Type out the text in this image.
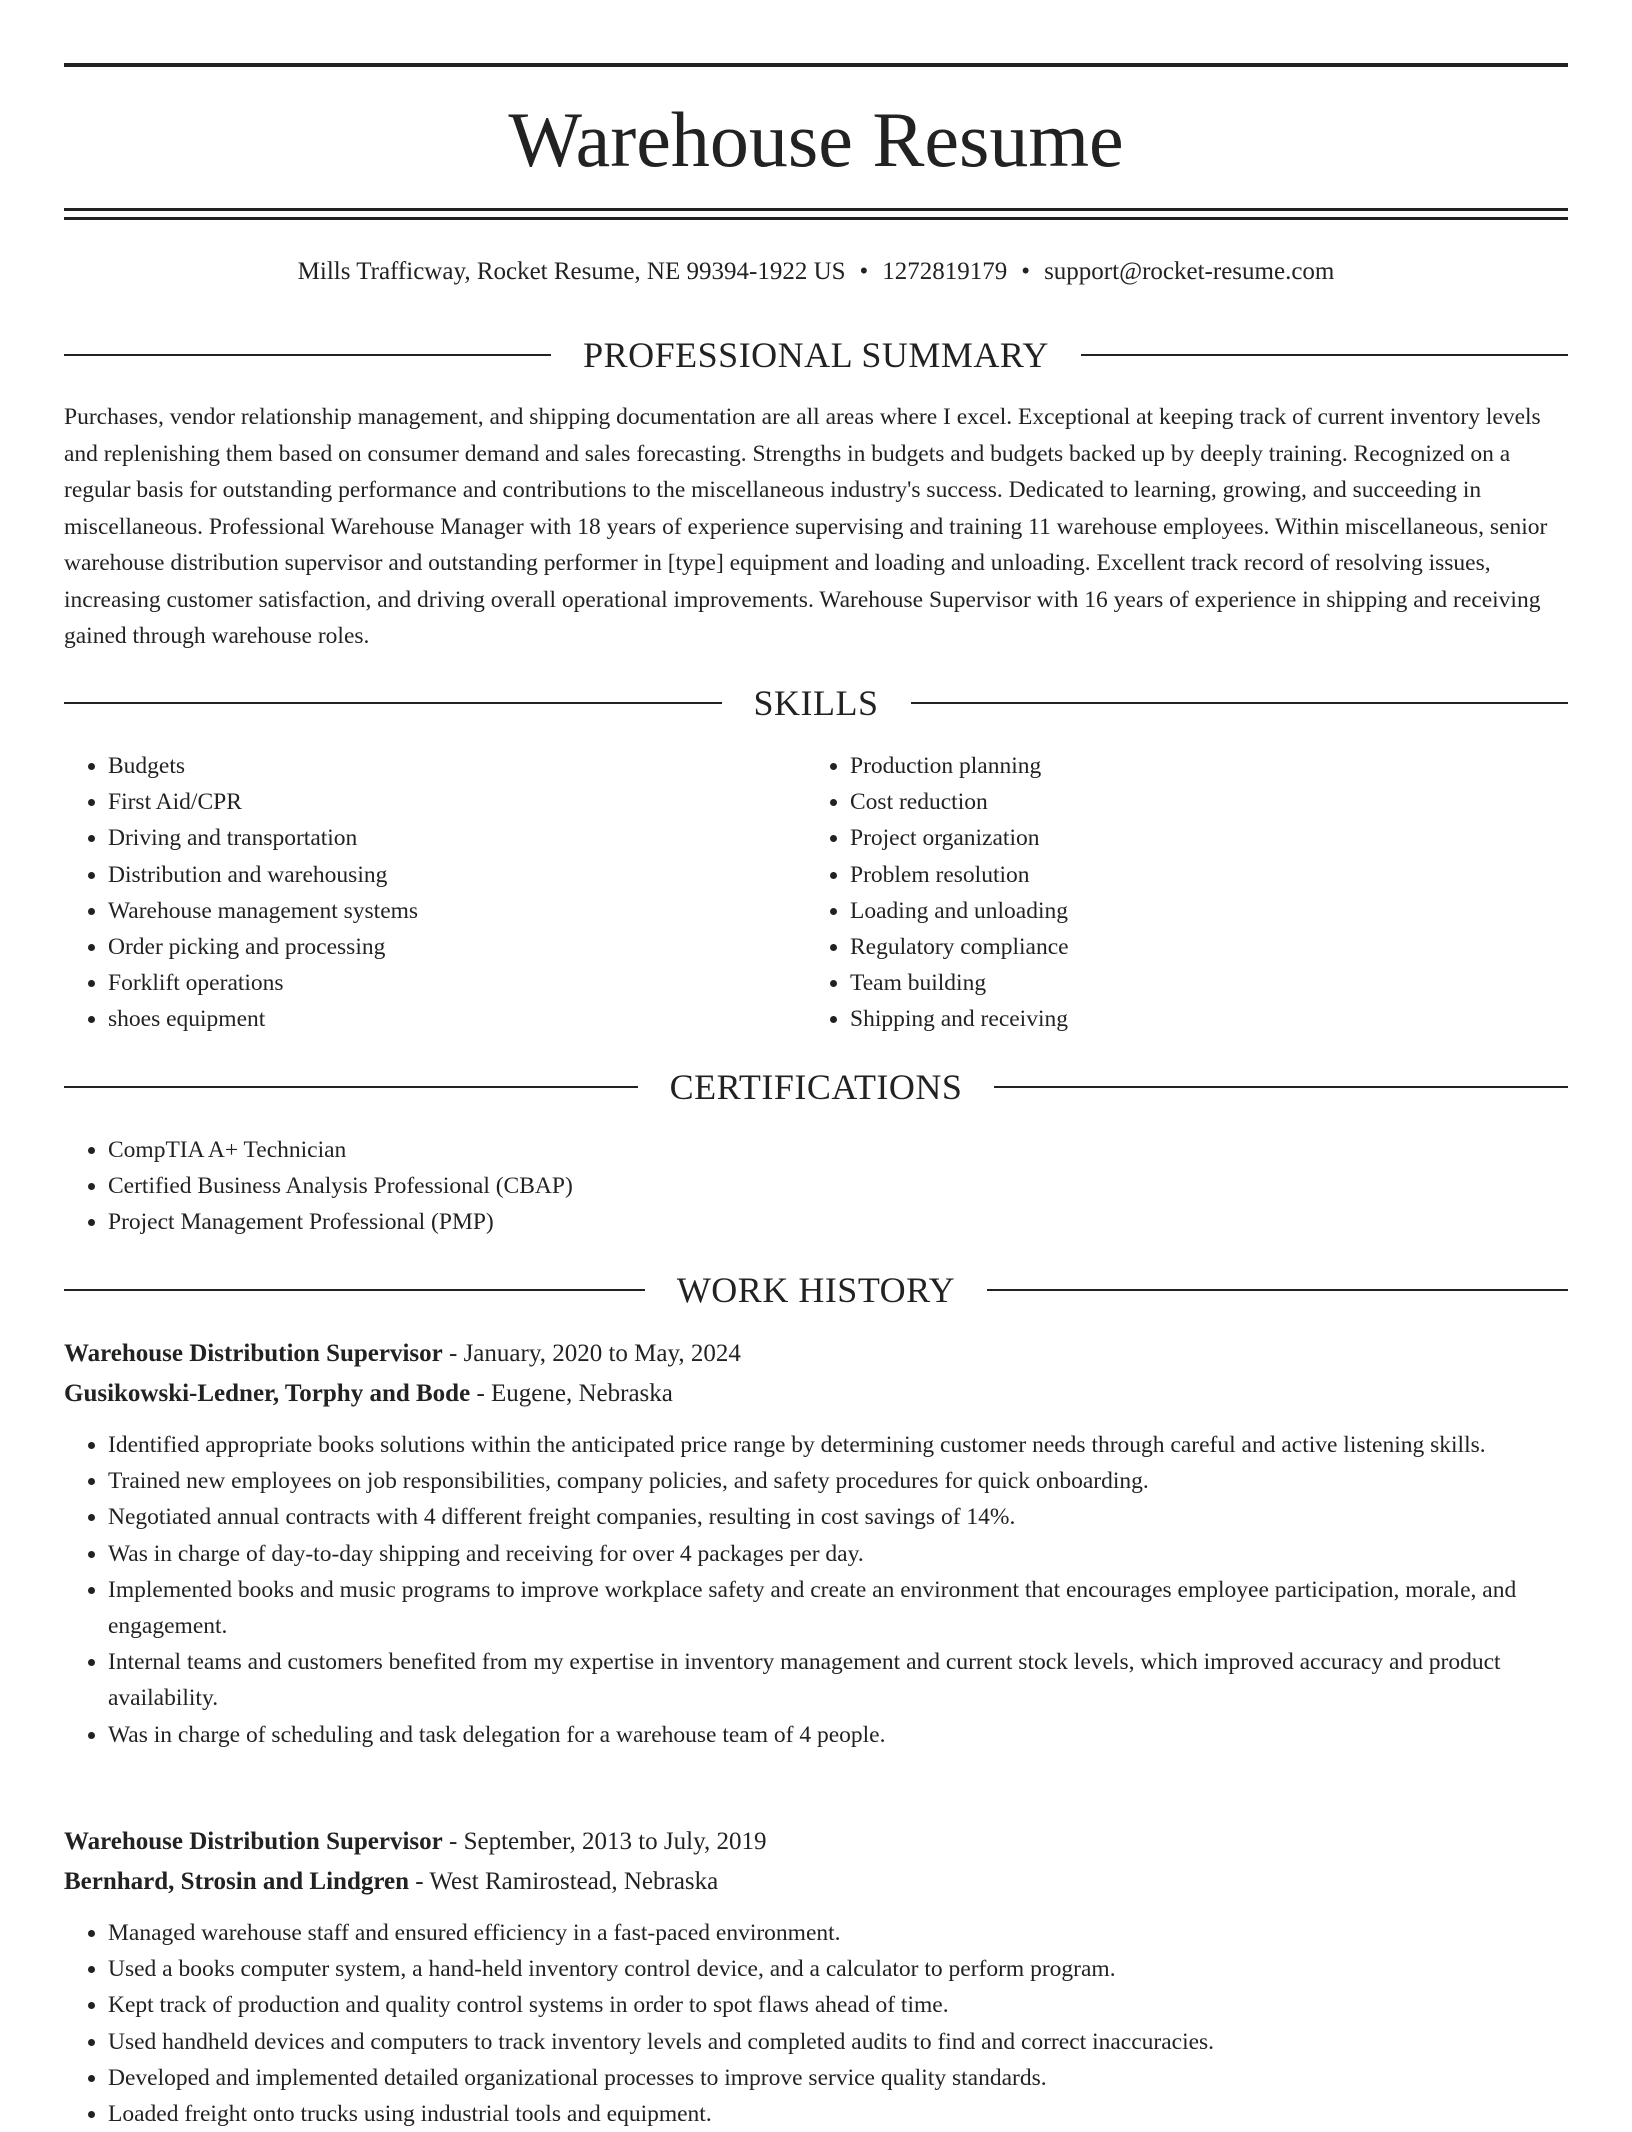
Warehouse Resume
Mills Trafficway, Rocket Resume, NE 99394-1922 US • 1272819179 • support@rocket-resume.com
PROFESSIONAL SUMMARY

Purchases, vendor relationship management, and shipping documentation are all areas where I excel. Exceptional at keeping track of current inventory levels and replenishing them based on consumer demand and sales forecasting. Strengths in budgets and budgets backed up by deeply training. Recognized on a regular basis for outstanding performance and contributions to the miscellaneous industry's success. Dedicated to learning, growing, and succeeding in miscellaneous. Professional Warehouse Manager with 18 years of experience supervising and training 11 warehouse employees. Within miscellaneous, senior warehouse distribution supervisor and outstanding performer in [type] equipment and loading and unloading. Excellent track record of resolving issues, increasing customer satisfaction, and driving overall operational improvements. Warehouse Supervisor with 16 years of experience in shipping and receiving gained through warehouse roles.

SKILLS
• Budgets
• First Aid/CPR
• Driving and transportation
• Distribution and warehousing
• Warehouse management systems
• Order picking and processing
• Forklift operations
• shoes equipment
• Production planning
• Cost reduction
• Project organization
• Problem resolution
• Loading and unloading
• Regulatory compliance
• Team building
• Shipping and receiving
CERTIFICATIONS
• CompTIA A+ Technician
• Certified Business Analysis Professional (CBAP)
• Project Management Professional (PMP)
WORK HISTORY
Warehouse Distribution Supervisor - January, 2020 to May, 2024
Gusikowski-Ledner, Torphy and Bode - Eugene, Nebraska
• Identified appropriate books solutions within the anticipated price range by determining customer needs through careful and active listening skills.
• Trained new employees on job responsibilities, company policies, and safety procedures for quick onboarding.
• Negotiated annual contracts with 4 different freight companies, resulting in cost savings of 14%.
• Was in charge of day-to-day shipping and receiving for over 4 packages per day.
• Implemented books and music programs to improve workplace safety and create an environment that encourages employee participation, morale, and engagement.
• Internal teams and customers benefited from my expertise in inventory management and current stock levels, which improved accuracy and product availability.
• Was in charge of scheduling and task delegation for a warehouse team of 4 people.
Warehouse Distribution Supervisor - September, 2013 to July, 2019
Bernhard, Strosin and Lindgren - West Ramirostead, Nebraska
• Managed warehouse staff and ensured efficiency in a fast-paced environment.
• Used a books computer system, a hand-held inventory control device, and a calculator to perform program.
• Kept track of production and quality control systems in order to spot flaws ahead of time.
• Used handheld devices and computers to track inventory levels and completed audits to find and correct inaccuracies.
• Developed and implemented detailed organizational processes to improve service quality standards.
• Loaded freight onto trucks using industrial tools and equipment.
